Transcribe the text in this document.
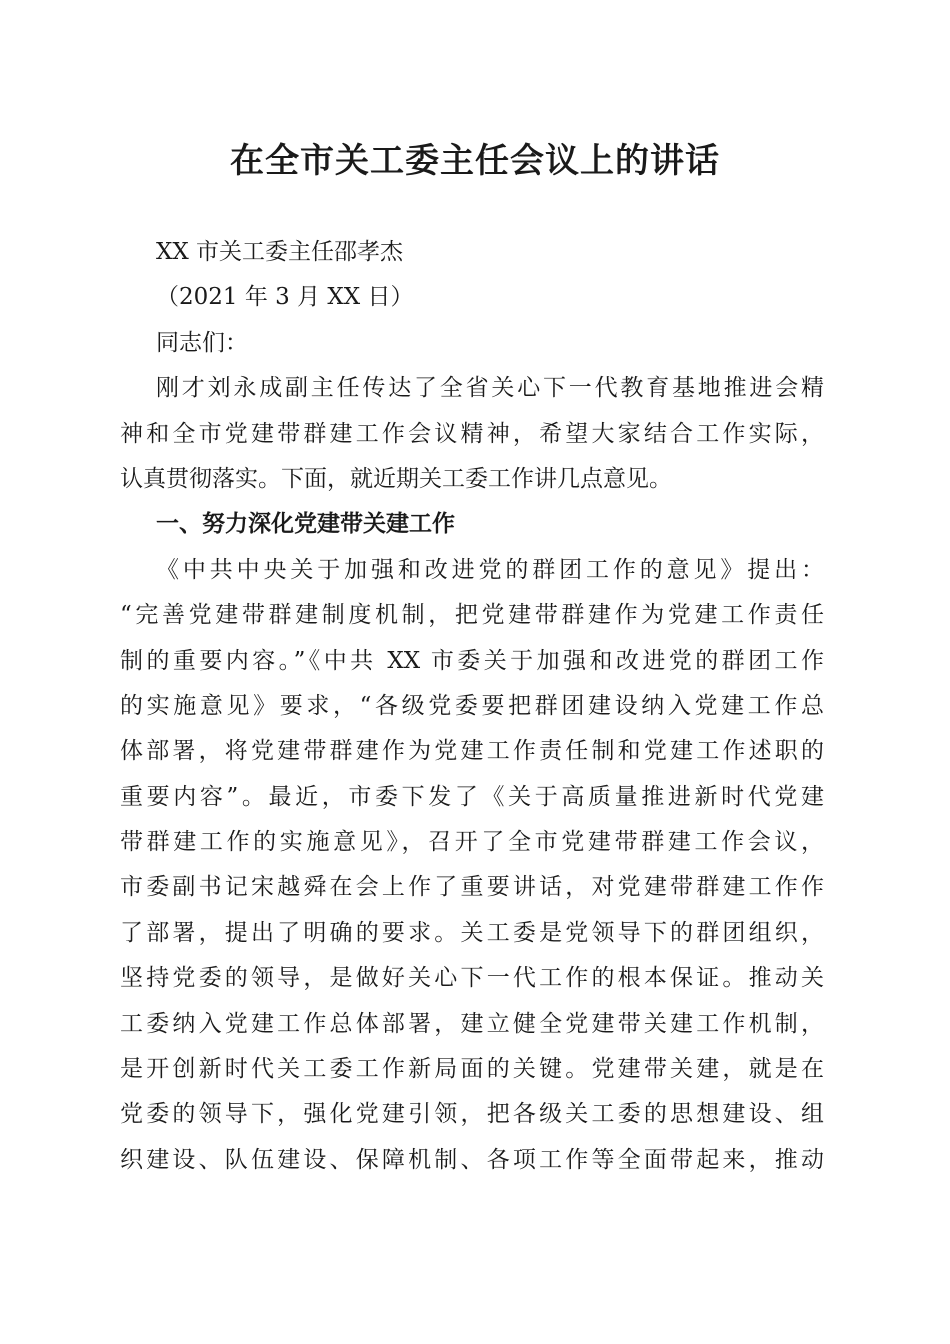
在全市关工委主任会议上的讲话

XX 市关工委主任邵孝杰

（2021 年 3 月 XX 日）

同志们：

刚才刘永成副主任传达了全省关心下一代教育基地推进会精

神和全市党建带群建工作会议精神，希望大家结合工作实际，

认真贯彻落实。下面，就近期关工委工作讲几点意见。

一、努力深化党建带关建工作

《中共中央关于加强和改进党的群团工作的意见》提出：

“完善党建带群建制度机制，把党建带群建作为党建工作责任

制的重要内容。”《中共 XX 市委关于加强和改进党的群团工作

的实施意见》要求，“各级党委要把群团建设纳入党建工作总

体部署，将党建带群建作为党建工作责任制和党建工作述职的

重要内容”。最近，市委下发了《关于高质量推进新时代党建

带群建工作的实施意见》，召开了全市党建带群建工作会议，

市委副书记宋越舜在会上作了重要讲话，对党建带群建工作作

了部署，提出了明确的要求。关工委是党领导下的群团组织，

坚持党委的领导，是做好关心下一代工作的根本保证。推动关

工委纳入党建工作总体部署，建立健全党建带关建工作机制，

是开创新时代关工委工作新局面的关键。党建带关建，就是在

党委的领导下，强化党建引领，把各级关工委的思想建设、组

织建设、队伍建设、保障机制、各项工作等全面带起来，推动
